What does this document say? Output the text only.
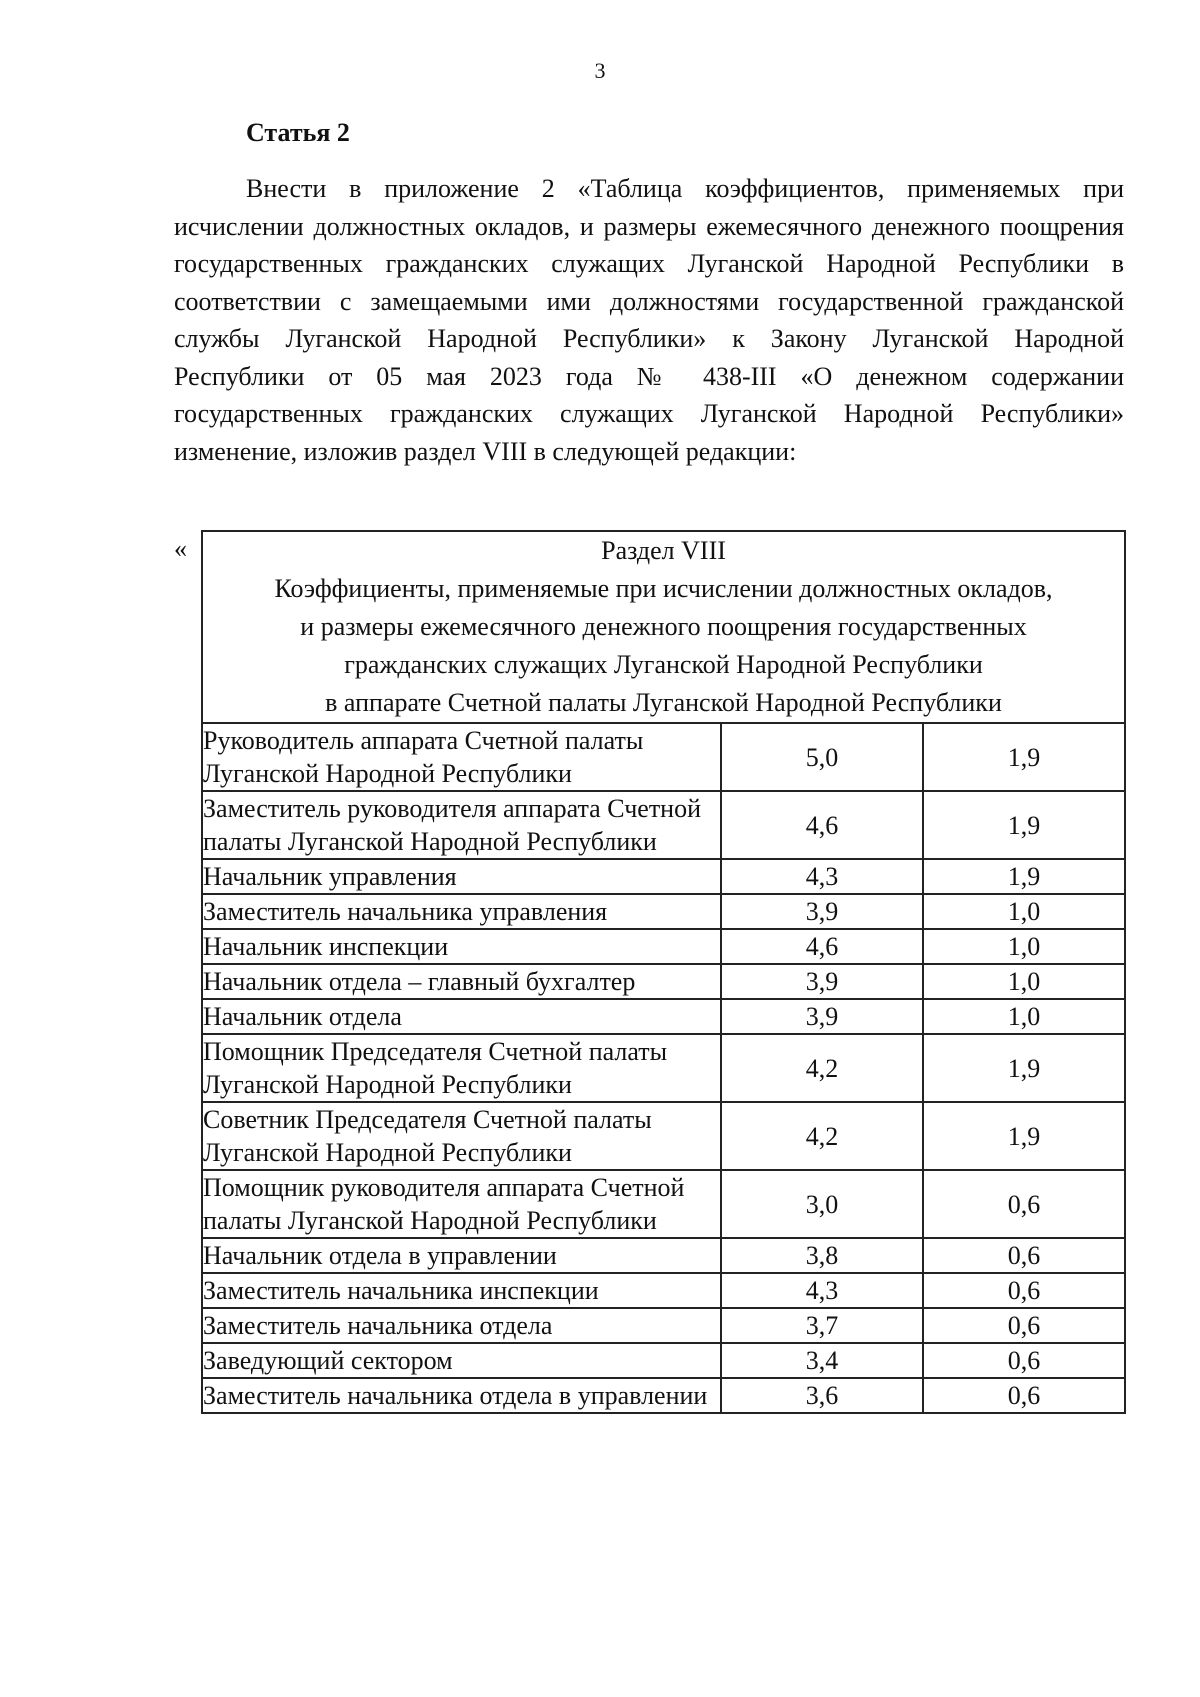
3
Статья 2

Внести в приложение 2 «Таблица коэффициентов, применяемых при исчислении должностных окладов, и размеры ежемесячного денежного поощрения государственных гражданских служащих Луганской Народной Республики в соответствии с замещаемыми ими должностями государственной гражданской службы Луганской Народной Республики» к Закону Луганской Народной Республики от 05 мая 2023 года № 438-III «О денежном содержании государственных гражданских служащих Луганской Народной Республики» изменение, изложив раздел VIII в следующей редакции:

«	Раздел VIII
Коэффициенты, применяемые при исчислении должностных окладов,
и размеры ежемесячного денежного поощрения государственных
гражданских служащих Луганской Народной Республики
в аппарате Счетной палаты Луганской Народной Республики		

Руководитель аппарата Счетной палаты Луганской Народной Республики	5,0	1,9
Заместитель руководителя аппарата Счетной палаты Луганской Народной Республики	4,6	1,9
Начальник управления	4,3	1,9
Заместитель начальника управления	3,9	1,0
Начальник инспекции	4,6	1,0
Начальник отдела – главный бухгалтер	3,9	1,0
Начальник отдела	3,9	1,0
Помощник Председателя Счетной палаты Луганской Народной Республики	4,2	1,9
Советник Председателя Счетной палаты Луганской Народной Республики	4,2	1,9
Помощник руководителя аппарата Счетной палаты Луганской Народной Республики	3,0	0,6
Начальник отдела в управлении	3,8	0,6
Заместитель начальника инспекции	4,3	0,6
Заместитель начальника отдела	3,7	0,6
Заведующий сектором	3,4	0,6
Заместитель начальника отдела в управлении	3,6	0,6
